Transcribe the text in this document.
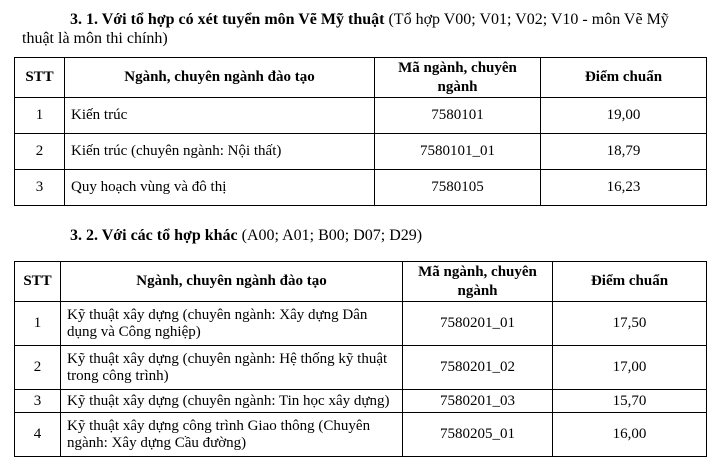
3. 1. Với tổ hợp có xét tuyển môn Vẽ Mỹ thuật (Tổ hợp V00; V01; V02; V10 - môn Vẽ Mỹ

thuật là môn thi chính)

STT	Ngành, chuyên ngành đào tạo	Mã ngành, chuyên ngành	Điểm chuẩn
1	Kiến trúc	7580101	19,00
2	Kiến trúc (chuyên ngành: Nội thất)	7580101_01	18,79
3	Quy hoạch vùng và đô thị	7580105	16,23

3. 2. Với các tổ hợp khác (A00; A01; B00; D07; D29)

STT	Ngành, chuyên ngành đào tạo	Mã ngành, chuyên ngành	Điểm chuẩn
1	Kỹ thuật xây dựng (chuyên ngành: Xây dựng Dân dụng và Công nghiệp)	7580201_01	17,50
2	Kỹ thuật xây dựng (chuyên ngành: Hệ thống kỹ thuật trong công trình)	7580201_02	17,00
3	Kỹ thuật xây dựng (chuyên ngành: Tin học xây dựng)	7580201_03	15,70
4	Kỹ thuật xây dựng công trình Giao thông (Chuyên ngành: Xây dựng Cầu đường)	7580205_01	16,00
